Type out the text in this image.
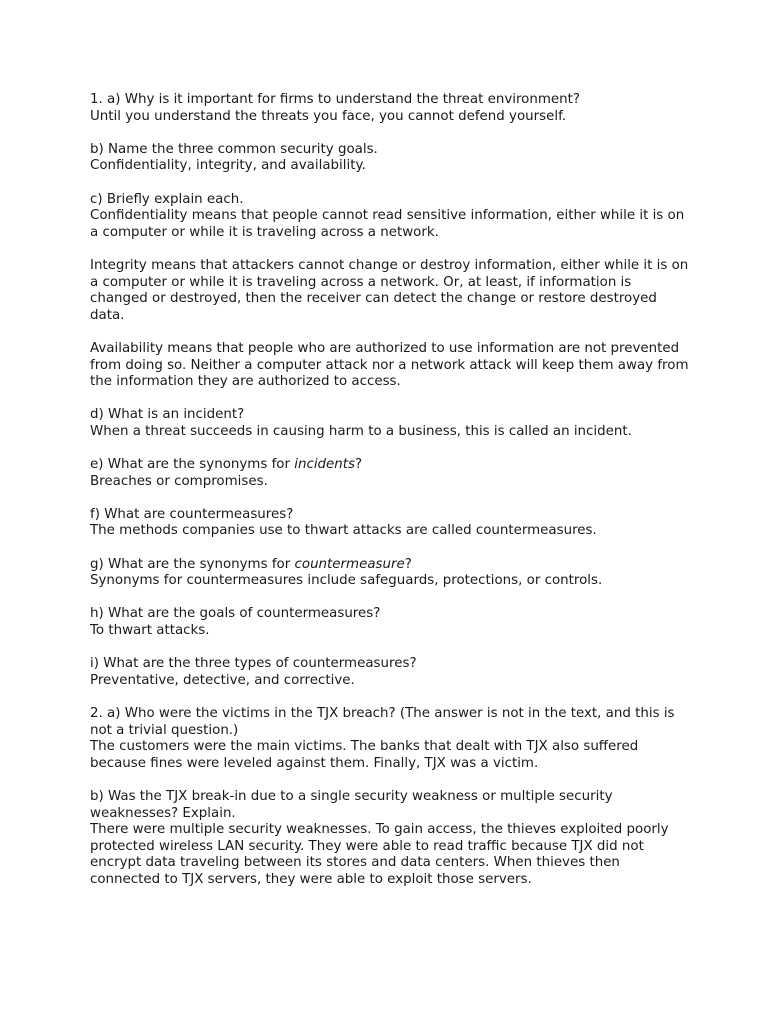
1. a) Why is it important for firms to understand the threat environment?
Until you understand the threats you face, you cannot defend yourself.
b) Name the three common security goals.
Confidentiality, integrity, and availability.
c) Briefly explain each.
Confidentiality means that people cannot read sensitive information, either while it is on a computer or while it is traveling across a network.
Integrity means that attackers cannot change or destroy information, either while it is on a computer or while it is traveling across a network. Or, at least, if information is changed or destroyed, then the receiver can detect the change or restore destroyed data.
Availability means that people who are authorized to use information are not prevented from doing so. Neither a computer attack nor a network attack will keep them away from the information they are authorized to access.
d) What is an incident?
When a threat succeeds in causing harm to a business, this is called an incident.
e) What are the synonyms for incidents?
Breaches or compromises.
f) What are countermeasures?
The methods companies use to thwart attacks are called countermeasures.
g) What are the synonyms for countermeasure?
Synonyms for countermeasures include safeguards, protections, or controls.
h) What are the goals of countermeasures?
To thwart attacks.
i) What are the three types of countermeasures?
Preventative, detective, and corrective.
2. a) Who were the victims in the TJX breach? (The answer is not in the text, and this is not a trivial question.)
The customers were the main victims. The banks that dealt with TJX also suffered because fines were leveled against them. Finally, TJX was a victim.
b) Was the TJX break-in due to a single security weakness or multiple security weaknesses? Explain.
There were multiple security weaknesses. To gain access, the thieves exploited poorly protected wireless LAN security. They were able to read traffic because TJX did not encrypt data traveling between its stores and data centers. When thieves then connected to TJX servers, they were able to exploit those servers.
